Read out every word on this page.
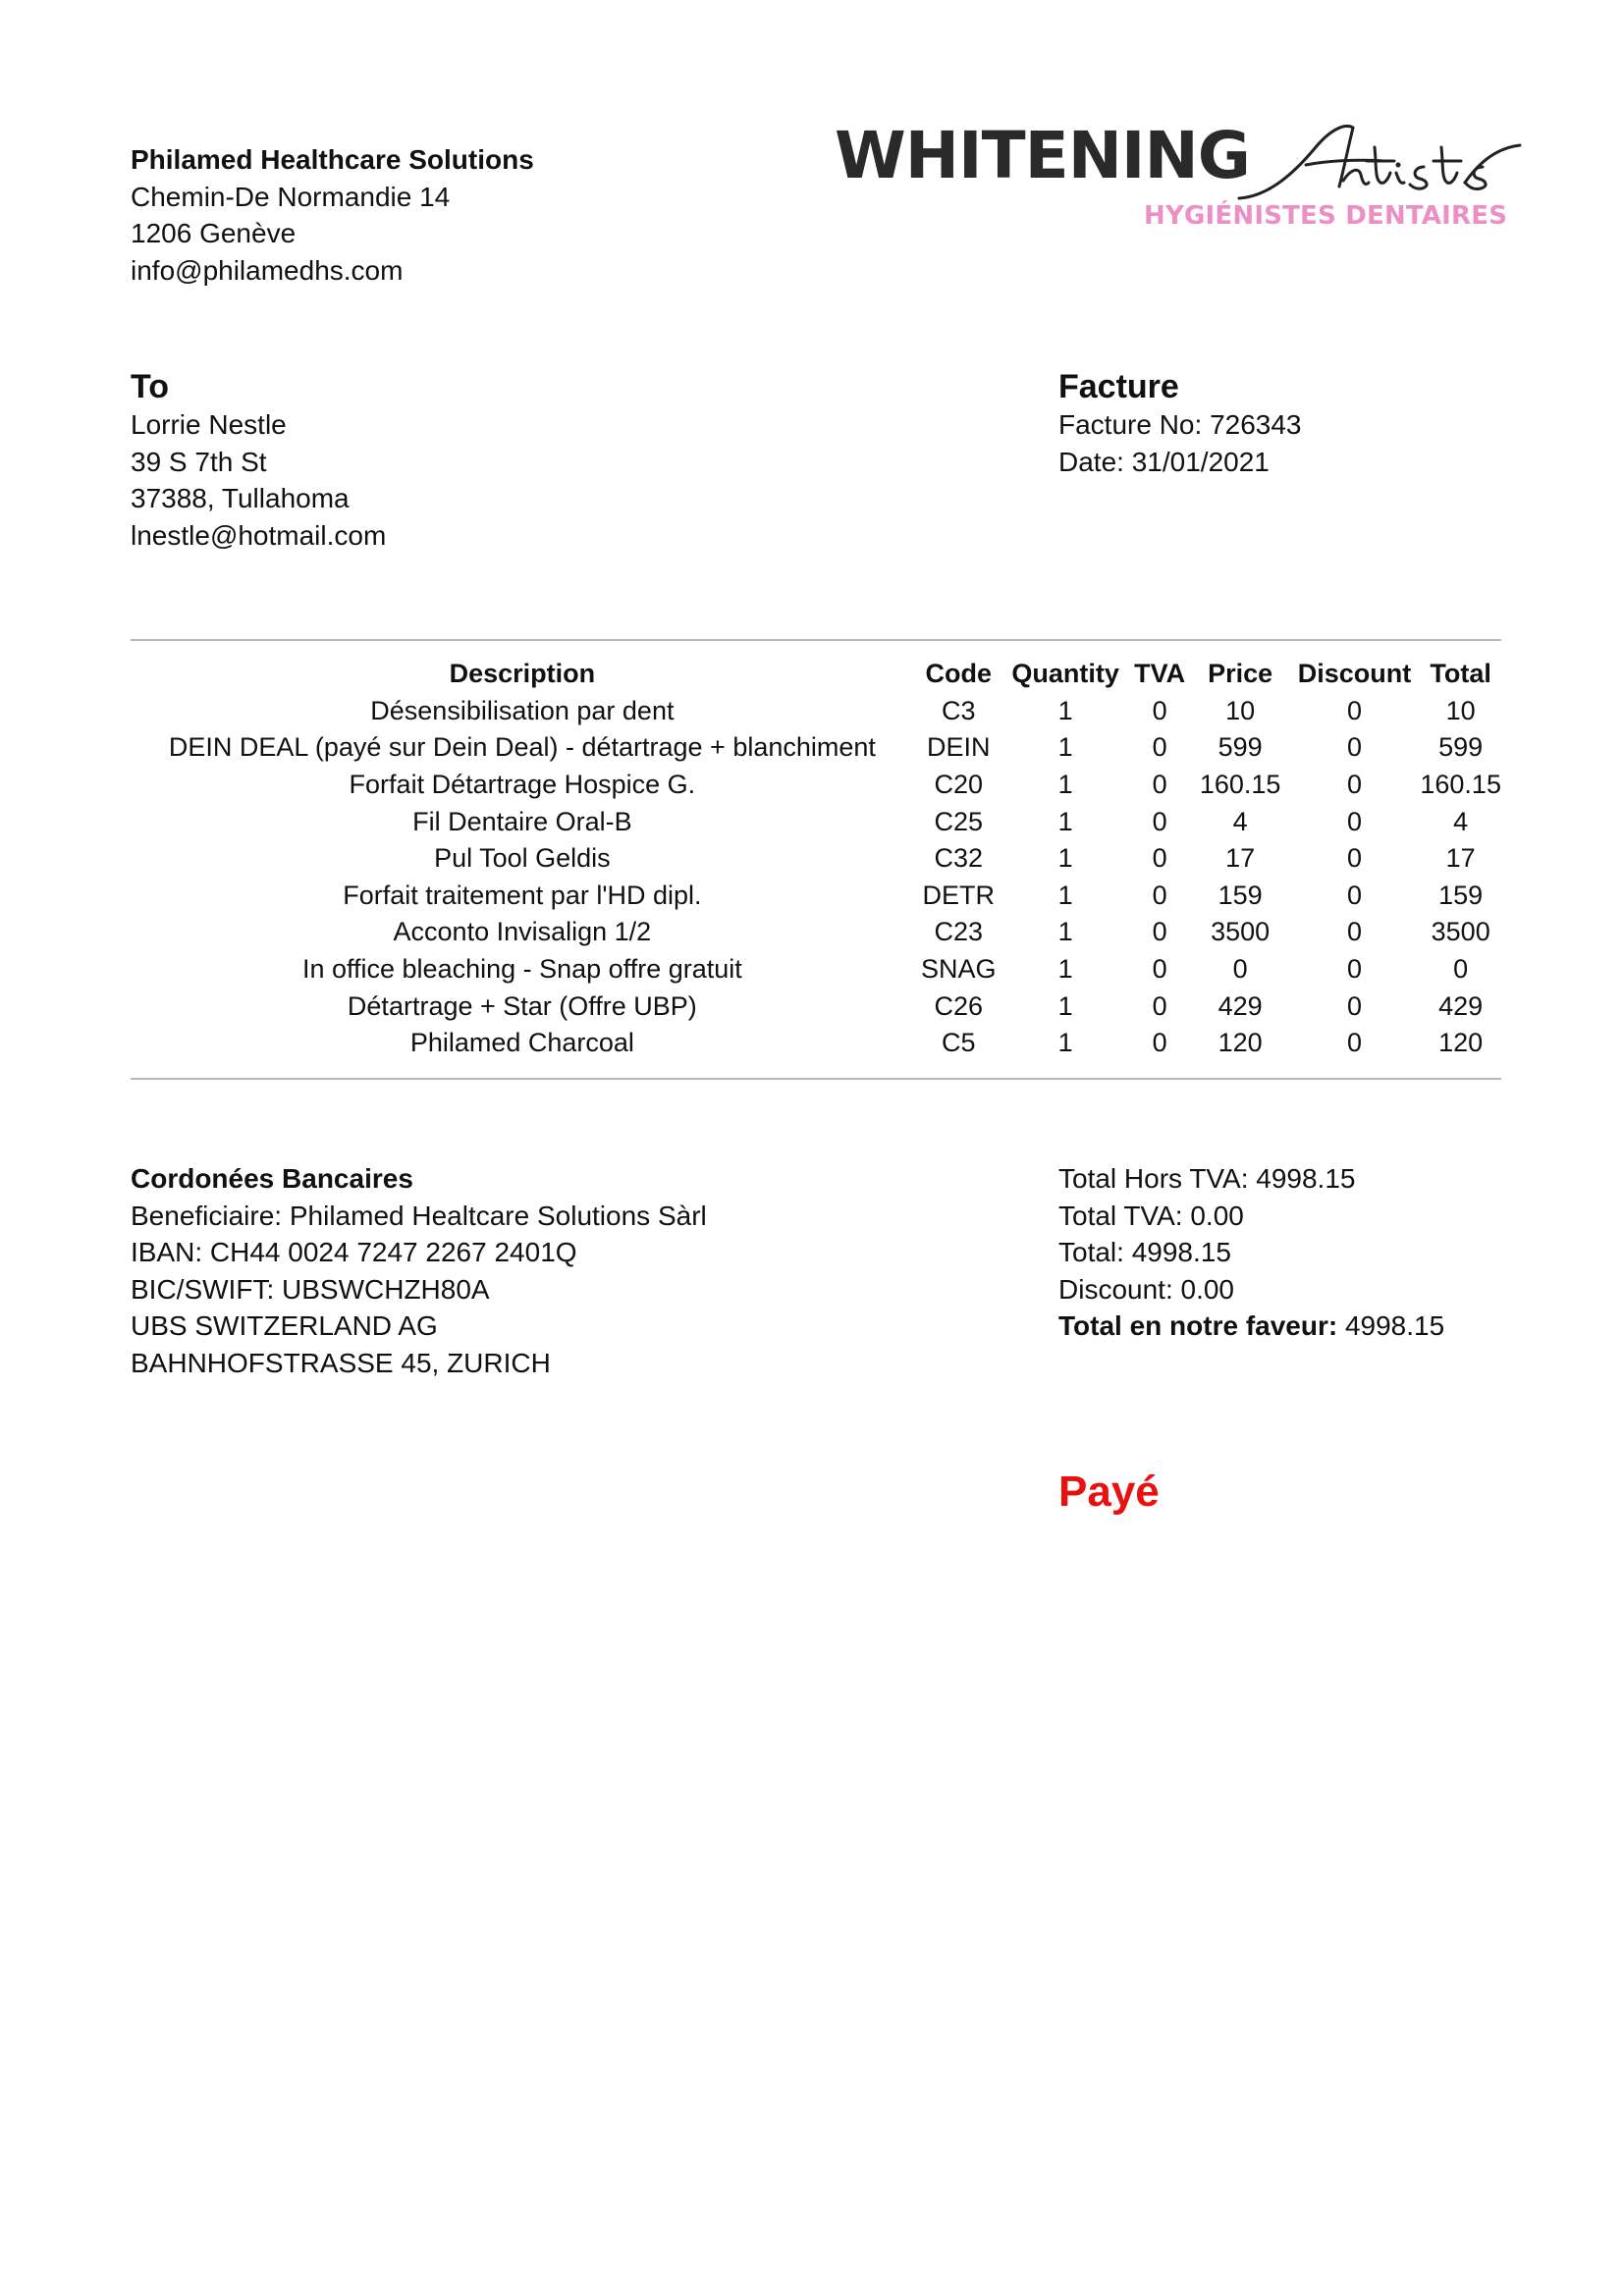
Philamed Healthcare Solutions
Chemin-De Normandie 14
1206 Genève
info@philamedhs.com
WHITENING
HYGIÉNISTES DENTAIRES
To
Lorrie Nestle
39 S 7th St
37388, Tullahoma
lnestle@hotmail.com
Facture
Facture No: 726343
Date: 31/01/2021
Description	Code	Quantity	TVA	Price	Discount	Total
Désensibilisation par dent	C3	1	0	10	0	10
DEIN DEAL (payé sur Dein Deal) - détartrage + blanchiment	DEIN	1	0	599	0	599
Forfait Détartrage Hospice G.	C20	1	0	160.15	0	160.15
Fil Dentaire Oral-B	C25	1	0	4	0	4
Pul Tool Geldis	C32	1	0	17	0	17
Forfait traitement par l'HD dipl.	DETR	1	0	159	0	159
Acconto Invisalign 1/2	C23	1	0	3500	0	3500
In office bleaching - Snap offre gratuit	SNAG	1	0	0	0	0
Détartrage + Star (Offre UBP)	C26	1	0	429	0	429
Philamed Charcoal	C5	1	0	120	0	120
Cordonées Bancaires
Beneficiaire: Philamed Healtcare Solutions Sàrl
IBAN: CH44 0024 7247 2267 2401Q
BIC/SWIFT: UBSWCHZH80A
UBS SWITZERLAND AG
BAHNHOFSTRASSE 45, ZURICH
Total Hors TVA: 4998.15
Total TVA: 0.00
Total: 4998.15
Discount: 0.00
Total en notre faveur: 4998.15
Payé
